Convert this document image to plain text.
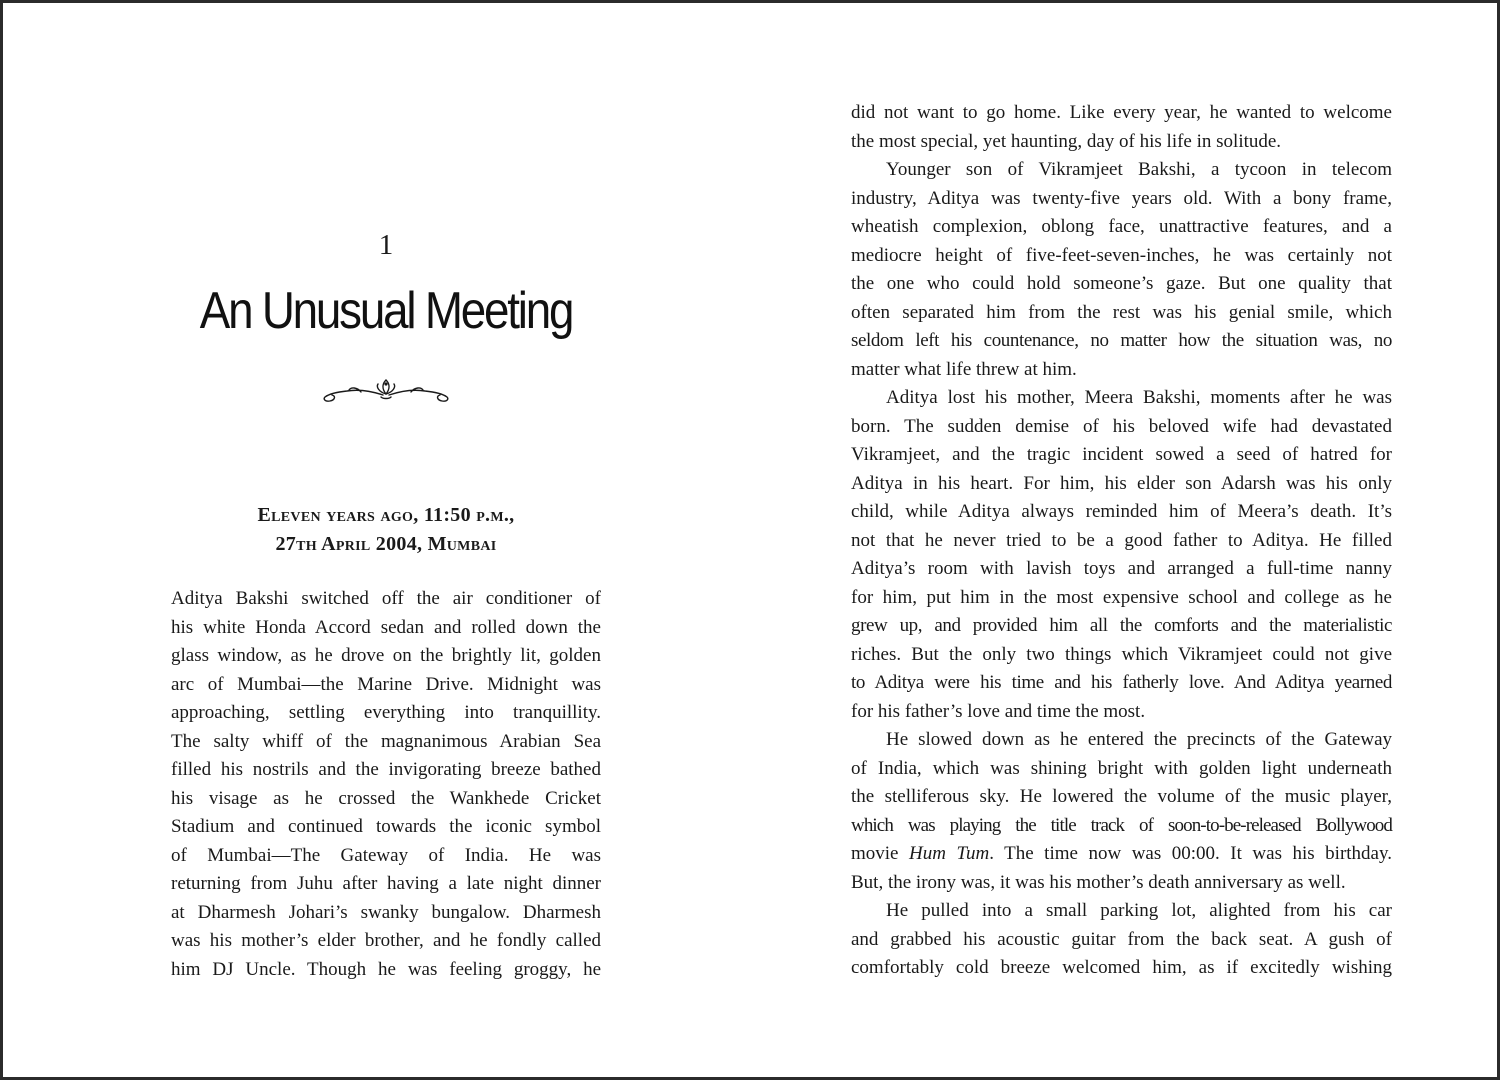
1
An Unusual Meeting
Eleven years ago, 11:50 p.m.,
27th April 2004, Mumbai

Aditya Bakshi switched off the air conditioner of
his white Honda Accord sedan and rolled down the
glass window, as he drove on the brightly lit, golden
arc of Mumbai—the Marine Drive. Midnight was
approaching, settling everything into tranquillity.
The salty whiff of the magnanimous Arabian Sea
filled his nostrils and the invigorating breeze bathed
his visage as he crossed the Wankhede Cricket
Stadium and continued towards the iconic symbol
of Mumbai—The Gateway of India. He was
returning from Juhu after having a late night dinner
at Dharmesh Johari’s swanky bungalow. Dharmesh
was his mother’s elder brother, and he fondly called
him DJ Uncle. Though he was feeling groggy, he

did not want to go home. Like every year, he wanted to welcome
the most special, yet haunting, day of his life in solitude.
Younger son of Vikramjeet Bakshi, a tycoon in telecom
industry, Aditya was twenty-five years old. With a bony frame,
wheatish complexion, oblong face, unattractive features, and a
mediocre height of five-feet-seven-inches, he was certainly not
the one who could hold someone’s gaze. But one quality that
often separated him from the rest was his genial smile, which
seldom left his countenance, no matter how the situation was, no
matter what life threw at him.
Aditya lost his mother, Meera Bakshi, moments after he was
born. The sudden demise of his beloved wife had devastated
Vikramjeet, and the tragic incident sowed a seed of hatred for
Aditya in his heart. For him, his elder son Adarsh was his only
child, while Aditya always reminded him of Meera’s death. It’s
not that he never tried to be a good father to Aditya. He filled
Aditya’s room with lavish toys and arranged a full-time nanny
for him, put him in the most expensive school and college as he
grew up, and provided him all the comforts and the materialistic
riches. But the only two things which Vikramjeet could not give
to Aditya were his time and his fatherly love. And Aditya yearned
for his father’s love and time the most.
He slowed down as he entered the precincts of the Gateway
of India, which was shining bright with golden light underneath
the stelliferous sky. He lowered the volume of the music player,
which was playing the title track of soon-to-be-released Bollywood
movie Hum Tum. The time now was 00:00. It was his birthday.
But, the irony was, it was his mother’s death anniversary as well.
He pulled into a small parking lot, alighted from his car
and grabbed his acoustic guitar from the back seat. A gush of
comfortably cold breeze welcomed him, as if excitedly wishing
